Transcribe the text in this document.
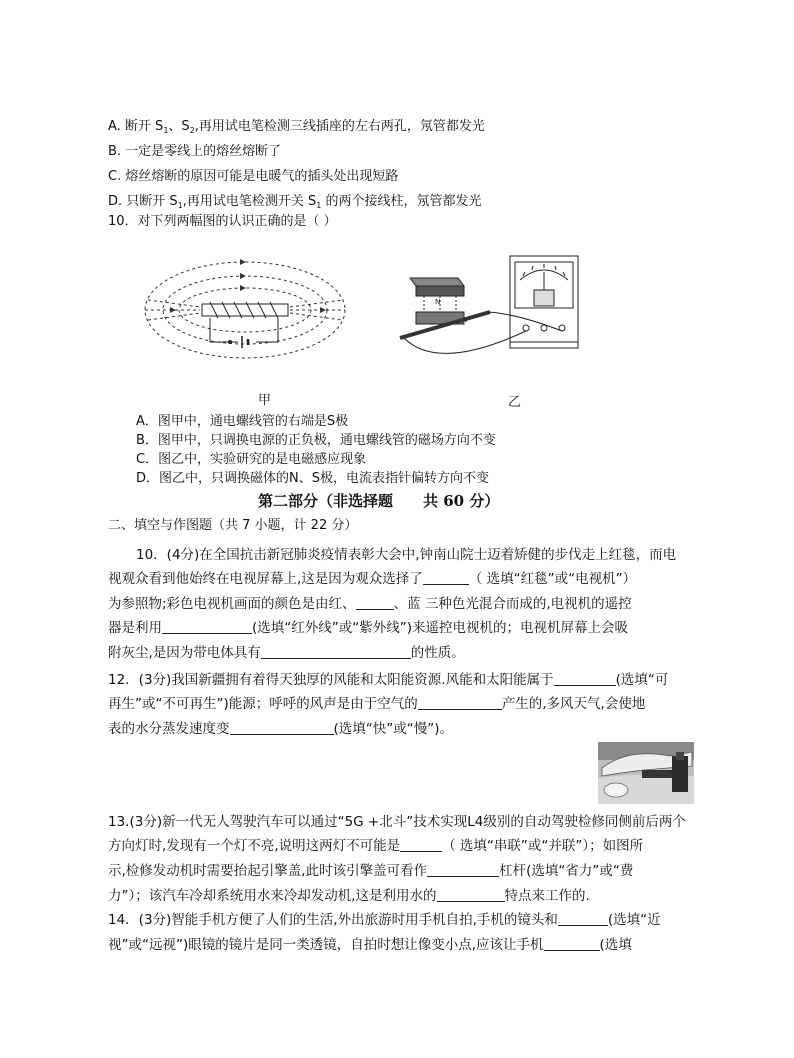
A. 断开 $S_1$、$S_2$,再用试电笔检测三线插座的左右两孔，氖管都发光
B. 一定是零线上的熔丝熔断了
C. 熔丝熔断的原因可能是电暖气的插头处出现短路
D. 只断开 $S_1$,再用试电笔检测开关 $S_1$ 的两个接线柱，氖管都发光
10．对下列两幅图的认识正确的是（ ）
甲
N
v
乙
A．图甲中，通电螺线管的右端是S极
B．图甲中，只调换电源的正负极，通电螺线管的磁场方向不变
C．图乙中，实验研究的是电磁感应现象
D．图乙中，只调换磁体的N、S极，电流表指针偏转方向不变
第二部分（非选择题　　共 60 分）
二、填空与作图题（共 7 小题，计 22 分）
10．(4分)在全国抗击新冠肺炎疫情表彰大会中,钟南山院士迈着矫健的步伐走上红毯，而电
视观众看到他始终在电视屏幕上,这是因为观众选择了	（ 选填“红毯”或“电视机”）
为参照物;彩色电视机画面的颜色是由红、	、蓝 三种色光混合而成的,电视机的遥控
器是利用	(选填“红外线”或“紫外线”)来遥控电视机的；电视机屏幕上会吸
附灰尘,是因为带电体具有	的性质。
12．(3分)我国新疆拥有着得天独厚的风能和太阳能资源.风能和太阳能属于	(选填“可
再生”或“不可再生”)能源；呼呼的风声是由于空气的	产生的,多风天气,会使地
表的水分蒸发速度变	(选填“快”或“慢”)。
13.(3分)新一代无人驾驶汽车可以通过“5G +北斗”技术实现L4级别的自动驾驶检修同侧前后两个
方向灯时,发现有一个灯不亮,说明这两灯不可能是	（ 选填“串联”或“并联”）；如图所
示,检修发动机时需要抬起引擎盖,此时该引擎盖可看作	杠杆(选填“省力”或“费
力”）；该汽车冷却系统用水来冷却发动机,这是利用水的	特点来工作的.
14．(3分)智能手机方便了人们的生活,外出旅游时用手机自拍,手机的镜头和	(选填“近
视”或“远视”)眼镜的镜片是同一类透镜，自拍时想让像变小点,应该让手机	(选填
